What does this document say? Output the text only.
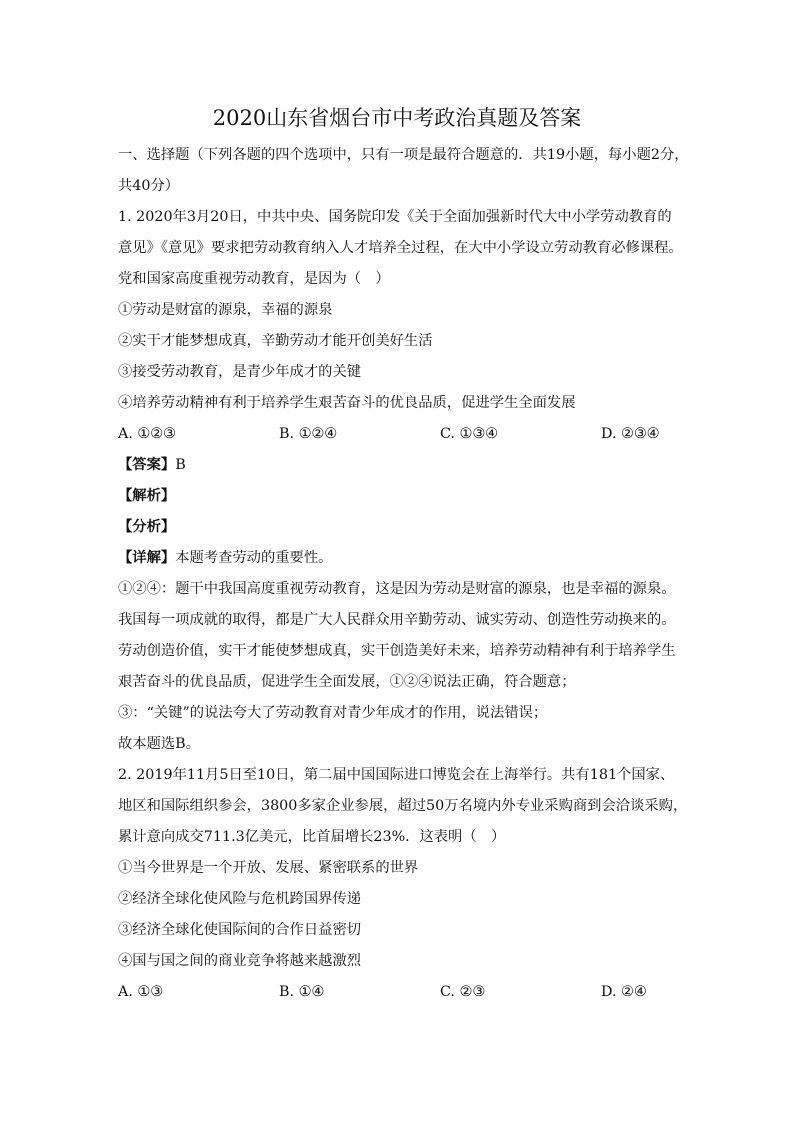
2020山东省烟台市中考政治真题及答案
一、选择题（下列各题的四个选项中，只有一项是最符合题意的．共19小题，每小题2分，
共40分）
1. 2020年3月20日，中共中央、国务院印发《关于全面加强新时代大中小学劳动教育的
意见》《意见》要求把劳动教育纳入人才培养全过程，在大中小学设立劳动教育必修课程。
党和国家高度重视劳动教育，是因为（　）
①劳动是财富的源泉，幸福的源泉
②实干才能梦想成真，辛勤劳动才能开创美好生活
③接受劳动教育，是青少年成才的关键
④培养劳动精神有利于培养学生艰苦奋斗的优良品质，促进学生全面发展
A. ①②③	B. ①②④	C. ①③④	D. ②③④
【答案】B
【解析】
【分析】
【详解】本题考查劳动的重要性。
①②④：题干中我国高度重视劳动教育，这是因为劳动是财富的源泉，也是幸福的源泉。
我国每一项成就的取得，都是广大人民群众用辛勤劳动、诚实劳动、创造性劳动换来的。
劳动创造价值，实干才能使梦想成真，实干创造美好未来，培养劳动精神有利于培养学生
艰苦奋斗的优良品质，促进学生全面发展，①②④说法正确，符合题意；
③：“关键”的说法夸大了劳动教育对青少年成才的作用，说法错误；
故本题选B。
2. 2019年11月5日至10日，第二届中国国际进口博览会在上海举行。共有181个国家、
地区和国际组织参会，3800多家企业参展，超过50万名境内外专业采购商到会洽谈采购，
累计意向成交711.3亿美元，比首届增长23%．这表明（　）
①当今世界是一个开放、发展、紧密联系的世界
②经济全球化使风险与危机跨国界传递
③经济全球化使国际间的合作日益密切
④国与国之间的商业竞争将越来越激烈
A. ①③	B. ①④	C. ②③	D. ②④
